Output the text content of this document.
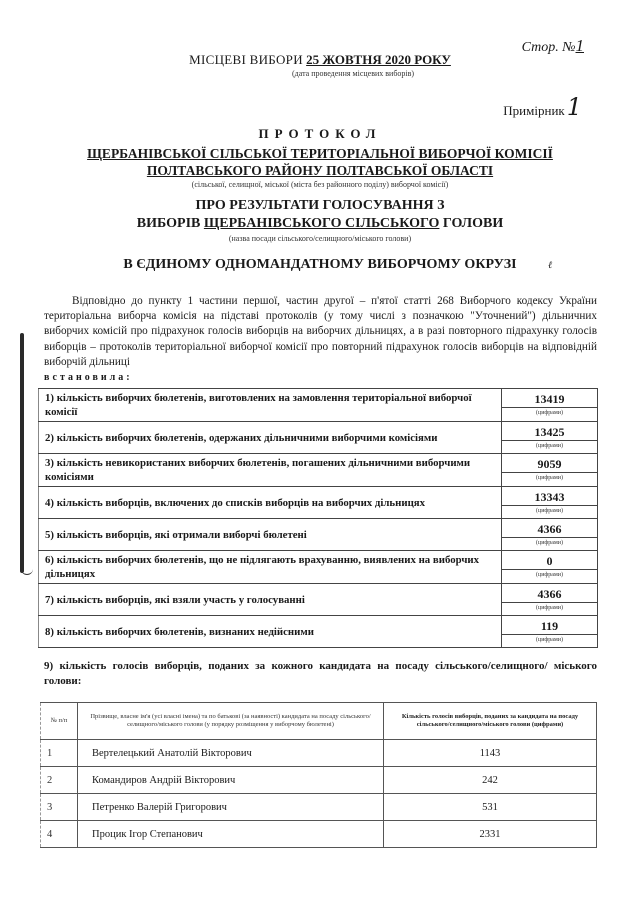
Стор. №1
МІСЦЕВІ ВИБОРИ 25 ЖОВТНЯ 2020 РОКУ
(дата проведення місцевих виборів)
Примірник1
ПРОТОКОЛ
ЩЕРБАНІВСЬКОЇ СІЛЬСЬКОЇ ТЕРИТОРІАЛЬНОЇ ВИБОРЧОЇ КОМІСІЇ
ПОЛТАВСЬКОГО РАЙОНУ ПОЛТАВСЬКОЇ ОБЛАСТІ
(сільської, селищної, міської (міста без районного поділу) виборчої комісії)
ПРО РЕЗУЛЬТАТИ ГОЛОСУВАННЯ З
ВИБОРІВ ЩЕРБАНІВСЬКОГО СІЛЬСЬКОГО ГОЛОВИ
(назва посади сільського/селищного/міського голови)
В ЄДИНОМУ ОДНОМАНДАТНОМУ ВИБОРЧОМУ ОКРУЗІ	ℓ
Відповідно до пункту 1 частини першої, частин другої – п'ятої статті 268 Виборчого кодексу України територіальна виборча комісія на підставі протоколів (у тому числі з позначкою "Уточнений") дільничних виборчих комісій про підрахунок голосів виборців на виборчих дільницях, а в разі повторного підрахунку голосів виборців – протоколів територіальної виборчої комісії про повторний підрахунок голосів виборців на відповідній виборчій дільниці
встановила:
1) кількість виборчих бюлетенів, виготовлених на замовлення територіальної виборчої комісії	13419
(цифрами)

2) кількість виборчих бюлетенів, одержаних дільничними виборчими комісіями	13425
(цифрами)

3) кількість невикористаних виборчих бюлетенів, погашених дільничними виборчими комісіями	9059
(цифрами)

4) кількість виборців, включених до списків виборців на виборчих дільницях	13343
(цифрами)

5) кількість виборців, які отримали виборчі бюлетені	4366
(цифрами)

6) кількість виборчих бюлетенів, що не підлягають врахуванню, виявлених на виборчих дільницях	0
(цифрами)

7) кількість виборців, які взяли участь у голосуванні	4366
(цифрами)

8) кількість виборчих бюлетенів, визнаних недійсними	119
(цифрами)
9) кількість голосів виборців, поданих за кожного кандидата на посаду сільського/селищного/ міського голови:
№ п/п	Прізвище, власне ім'я (усі власні імена) та по батькові (за наявності) кандидата на посаду сільського/селищного/міського голови (у порядку розміщення у виборчому бюлетені)	Кількість голосів виборців, поданих за кандидата на посаду сільського/селищного/міського голови (цифрами)
1	Вертелецький Анатолій Вікторович	1143
2	Командиров Андрій Вікторович	242
3	Петренко Валерій Григорович	531
4	Процик Ігор Степанович	2331
